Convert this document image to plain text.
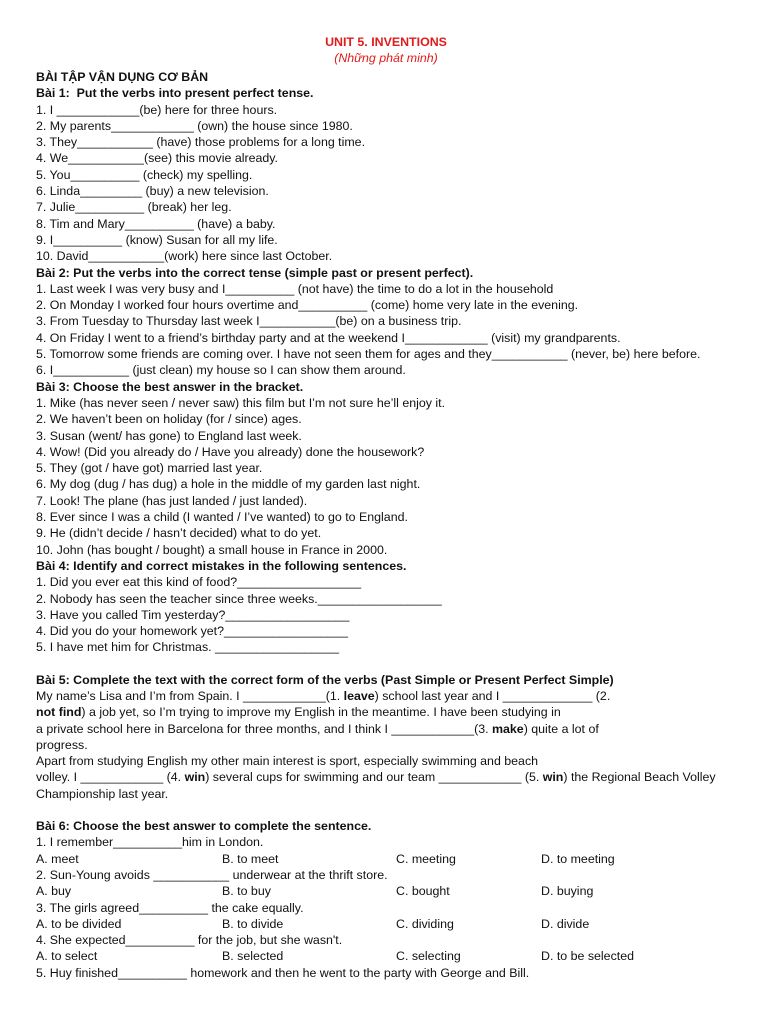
UNIT 5. INVENTIONS
(Những phát minh)
BÀI TẬP VẬN DỤNG CƠ BẢN
Bài 1:  Put the verbs into present perfect tense.
1. I ____________(be) here for three hours.
2. My parents____________ (own) the house since 1980.
3. They___________ (have) those problems for a long time.
4. We___________(see) this movie already.
5. You__________ (check) my spelling.
6. Linda_________ (buy) a new television.
7. Julie__________ (break) her leg.
8. Tim and Mary__________ (have) a baby.
9. I__________ (know) Susan for all my life.
10. David___________(work) here since last October.
Bài 2: Put the verbs into the correct tense (simple past or present perfect).
1. Last week I was very busy and I__________ (not have) the time to do a lot in the household
2. On Monday I worked four hours overtime and__________ (come) home very late in the evening.
3. From Tuesday to Thursday last week I___________(be) on a business trip.
4. On Friday I went to a friend’s birthday party and at the weekend I____________ (visit) my grandparents.
5. Tomorrow some friends are coming over. I have not seen them for ages and they___________ (never, be) here before.
6. I___________ (just clean) my house so I can show them around.
Bài 3: Choose the best answer in the bracket.
1. Mike (has never seen / never saw) this film but I’m not sure he’ll enjoy it.
2. We haven’t been on holiday (for / since) ages.
3. Susan (went/ has gone) to England last week.
4. Wow! (Did you already do / Have you already) done the housework?
5. They (got / have got) married last year.
6. My dog (dug / has dug) a hole in the middle of my garden last night.
7. Look! The plane (has just landed / just landed).
8. Ever since I was a child (I wanted / I’ve wanted) to go to England.
9. He (didn’t decide / hasn’t decided) what to do yet.
10. John (has bought / bought) a small house in France in 2000.
Bài 4: Identify and correct mistakes in the following sentences.
1. Did you ever eat this kind of food?__________________
2. Nobody has seen the teacher since three weeks.__________________
3. Have you called Tim yesterday?__________________
4. Did you do your homework yet?__________________
5. I have met him for Christmas. __________________
Bài 5: Complete the text with the correct form of the verbs (Past Simple or Present Perfect Simple)
My name’s Lisa and I’m from Spain. I ____________(1. leave) school last year and I _____________ (2.
not find) a job yet, so I’m trying to improve my English in the meantime. I have been studying in
a private school here in Barcelona for three months, and I think I ____________(3. make) quite a lot of
progress.
Apart from studying English my other main interest is sport, especially swimming and beach
volley. I ____________ (4. win) several cups for swimming and our team ____________ (5. win) the Regional Beach Volley
Championship last year.
Bài 6: Choose the best answer to complete the sentence.
1. I remember__________him in London.
A. meet	B. to meet	C. meeting	D. to meeting
2. Sun-Young avoids ___________ underwear at the thrift store.
A. buy	B. to buy	C. bought	D. buying
3. The girls agreed__________ the cake equally.
A. to be divided	B. to divide	C. dividing	D. divide
4. She expected__________ for the job, but she wasn't.
A. to select	B. selected	C. selecting	D. to be selected
5. Huy finished__________ homework and then he went to the party with George and Bill.
